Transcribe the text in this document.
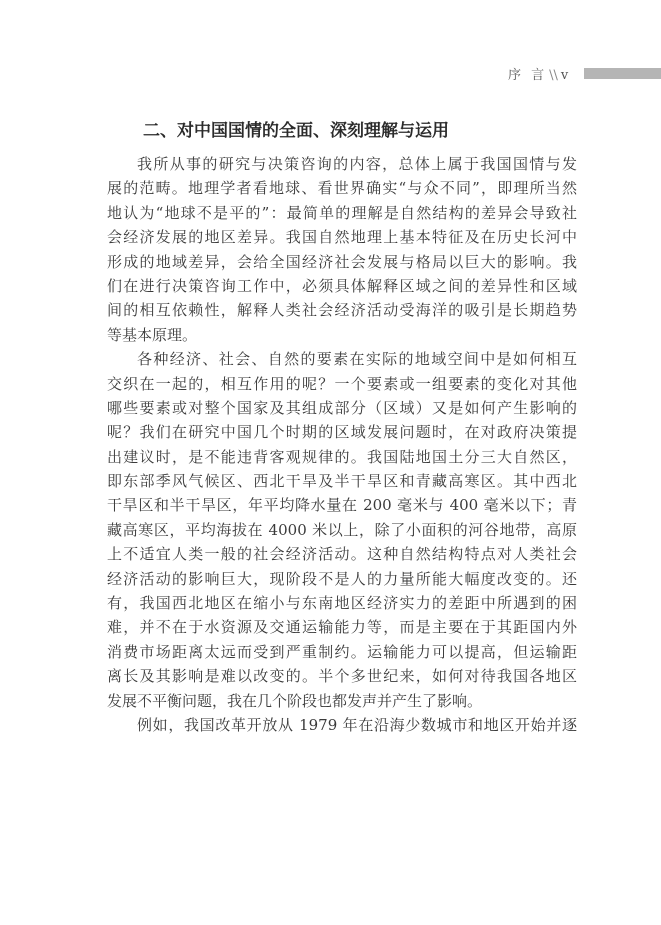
序 言 \\ v
二、对中国国情的全面、深刻理解与运用
我所从事的研究与决策咨询的内容，总体上属于我国国情与发
展的范畴。地理学者看地球、看世界确实“与众不同”，即理所当然
地认为“地球不是平的”：最简单的理解是自然结构的差异会导致社
会经济发展的地区差异。我国自然地理上基本特征及在历史长河中
形成的地域差异，会给全国经济社会发展与格局以巨大的影响。我
们在进行决策咨询工作中，必须具体解释区域之间的差异性和区域
间的相互依赖性，解释人类社会经济活动受海洋的吸引是长期趋势
等基本原理。
各种经济、社会、自然的要素在实际的地域空间中是如何相互
交织在一起的，相互作用的呢？一个要素或一组要素的变化对其他
哪些要素或对整个国家及其组成部分（区域）又是如何产生影响的
呢？我们在研究中国几个时期的区域发展问题时，在对政府决策提
出建议时，是不能违背客观规律的。我国陆地国土分三大自然区，
即东部季风气候区、西北干旱及半干旱区和青藏高寒区。其中西北
干旱区和半干旱区，年平均降水量在 200 毫米与 400 毫米以下；青
藏高寒区，平均海拔在 4000 米以上，除了小面积的河谷地带，高原
上不适宜人类一般的社会经济活动。这种自然结构特点对人类社会
经济活动的影响巨大，现阶段不是人的力量所能大幅度改变的。还
有，我国西北地区在缩小与东南地区经济实力的差距中所遇到的困
难，并不在于水资源及交通运输能力等，而是主要在于其距国内外
消费市场距离太远而受到严重制约。运输能力可以提高，但运输距
离长及其影响是难以改变的。半个多世纪来，如何对待我国各地区
发展不平衡问题，我在几个阶段也都发声并产生了影响。
例如，我国改革开放从 1979 年在沿海少数城市和地区开始并逐
